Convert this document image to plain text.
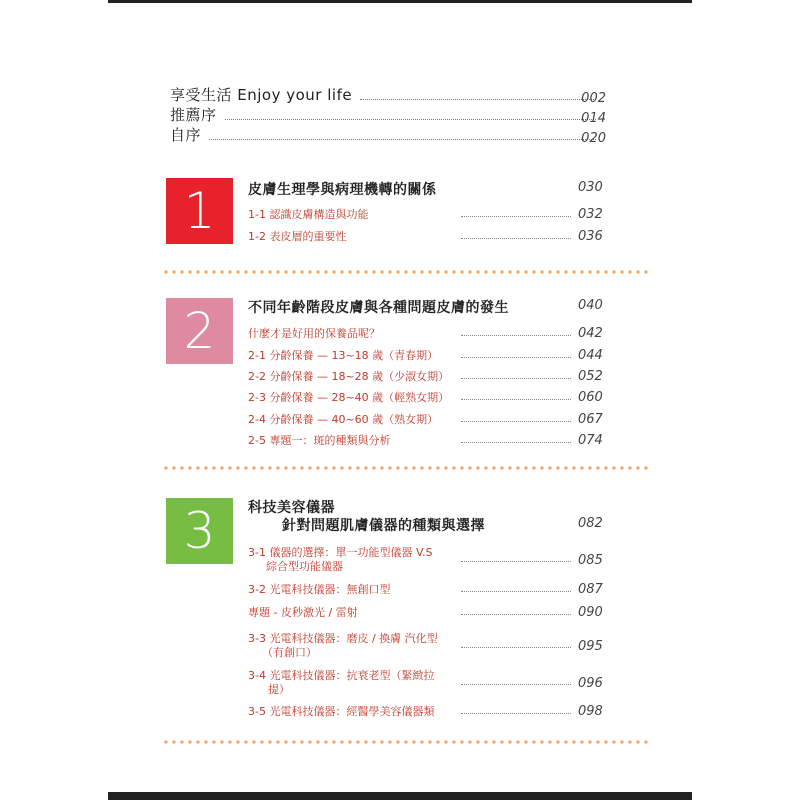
享受生活 Enjoy your life	002
推薦序	014
自序	020
1 皮膚生理學與病理機轉的關係	030
1-1 認識皮膚構造與功能	032
1-2 表皮層的重要性	036
2 不同年齡階段皮膚與各種問題皮膚的發生	040
什麼才是好用的保養品呢？	042
2-1 分齡保養 — 13~18 歲（青春期）	044
2-2 分齡保養 — 18~28 歲（少淑女期）	052
2-3 分齡保養 — 28~40 歲（輕熟女期）	060
2-4 分齡保養 — 40~60 歲（熟女期）	067
2-5 專題一：斑的種類與分析	074
3 科技美容儀器
針對問題肌膚儀器的種類與選擇	082
3-1 儀器的選擇：單一功能型儀器 V.S
綜合型功能儀器	085
3-2 光電科技儀器：無創口型	087
專題 - 皮秒激光 / 雷射	090
3-3 光電科技儀器：磨皮 / 換膚 汽化型
（有創口）	095
3-4 光電科技儀器：抗衰老型（緊緻拉
提）	096
3-5 光電科技儀器：經醫學美容儀器類	098
